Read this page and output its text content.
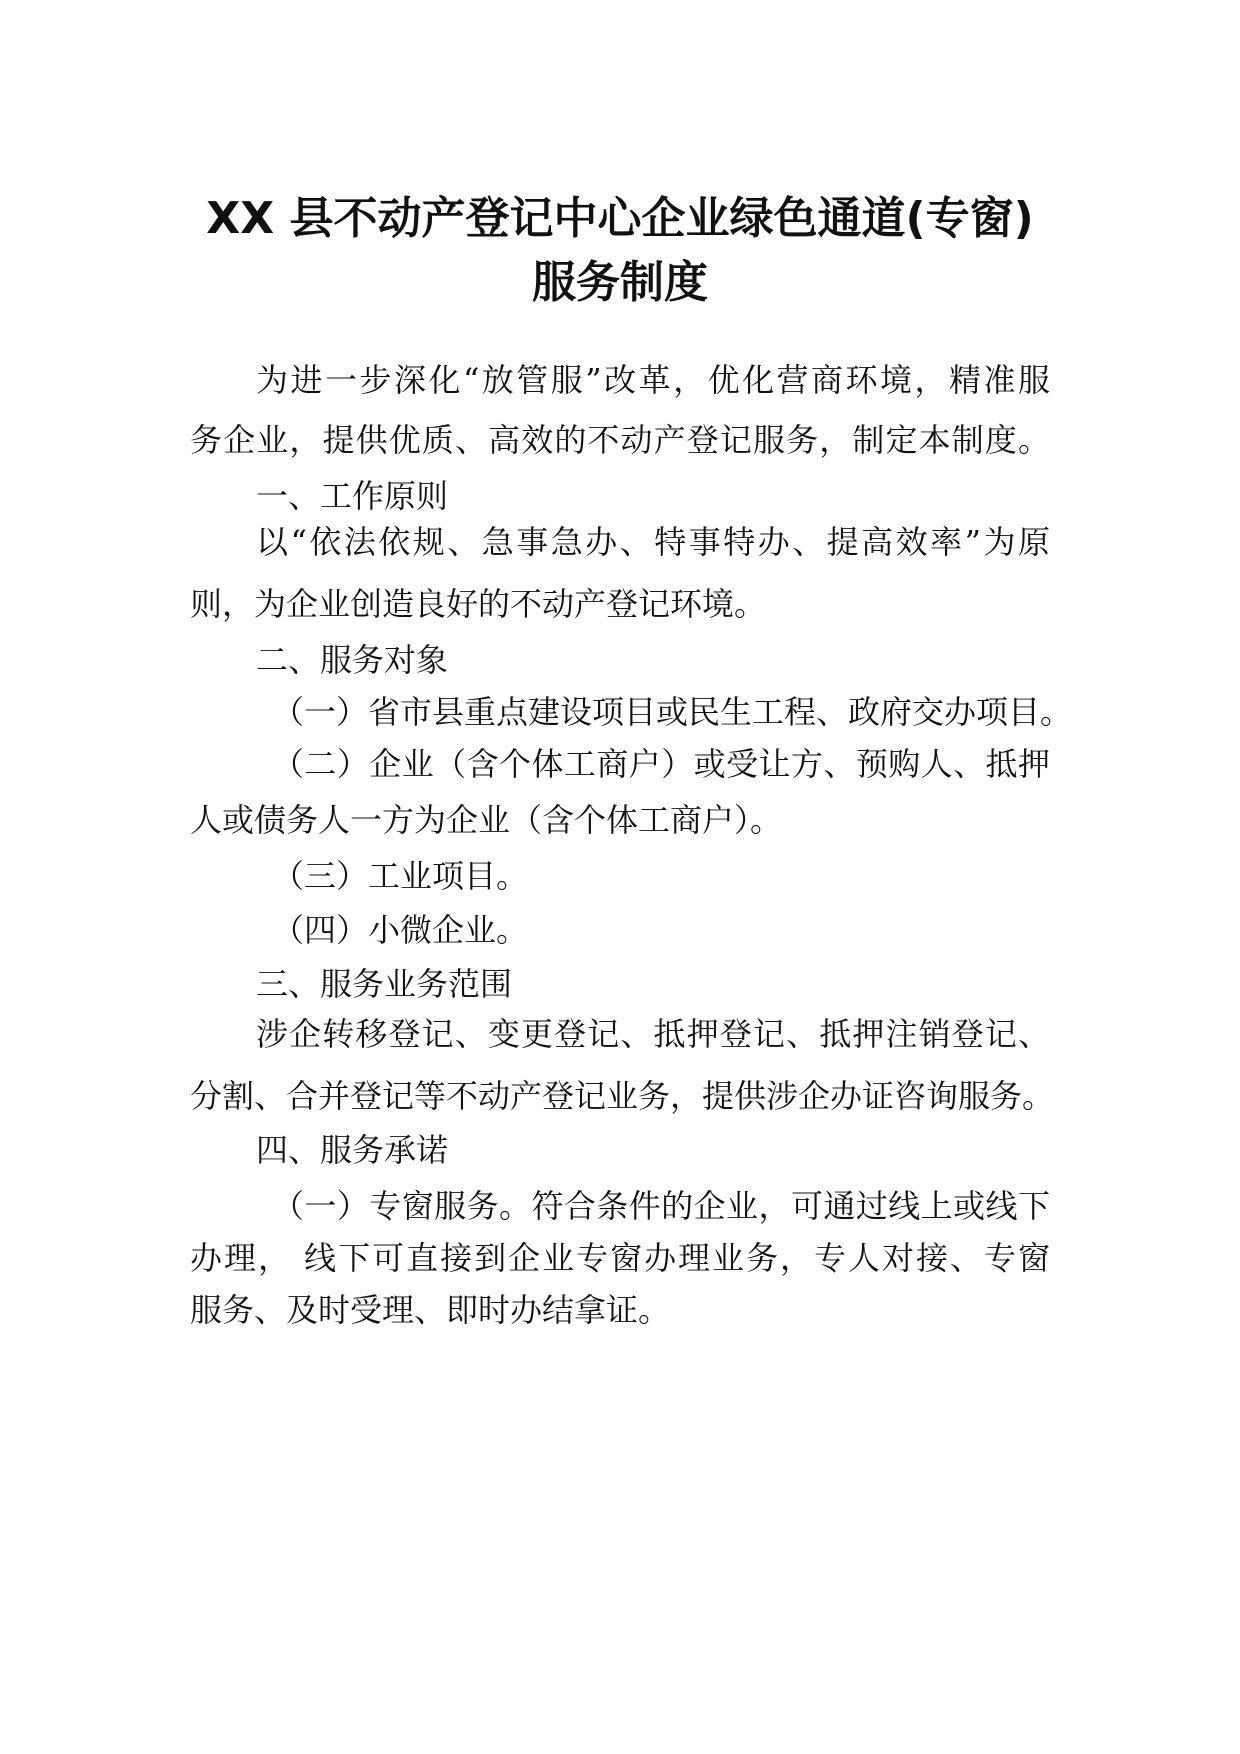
XX 县不动产登记中心企业绿色通道(专窗)
服务制度
为进一步深化“放管服”改革，优化营商环境，精准服
务企业，提供优质、高效的不动产登记服务，制定本制度。
一、工作原则
以“依法依规、急事急办、特事特办、提高效率”为原
则，为企业创造良好的不动产登记环境。
二、服务对象
（一）省市县重点建设项目或民生工程、政府交办项目。
（二）企业（含个体工商户）或受让方、预购人、抵押
人或债务人一方为企业（含个体工商户）。
（三）工业项目。
（四）小微企业。
三、服务业务范围
涉企转移登记、变更登记、抵押登记、抵押注销登记、
分割、合并登记等不动产登记业务，提供涉企办证咨询服务。
四、服务承诺
（一）专窗服务。符合条件的企业，可通过线上或线下
办理， 线下可直接到企业专窗办理业务，专人对接、专窗
服务、及时受理、即时办结拿证。
